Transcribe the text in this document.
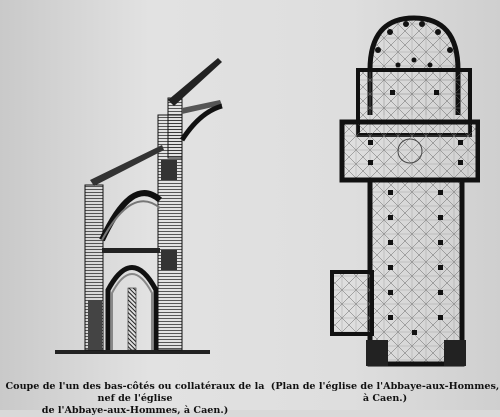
Coupe de l'un des bas-côtés ou collatéraux de la nef de l'église
de l'Abbaye-aux-Hommes, à Caen.)
(Plan de l'église de l'Abbaye-aux-Hommes, à Caen.)
